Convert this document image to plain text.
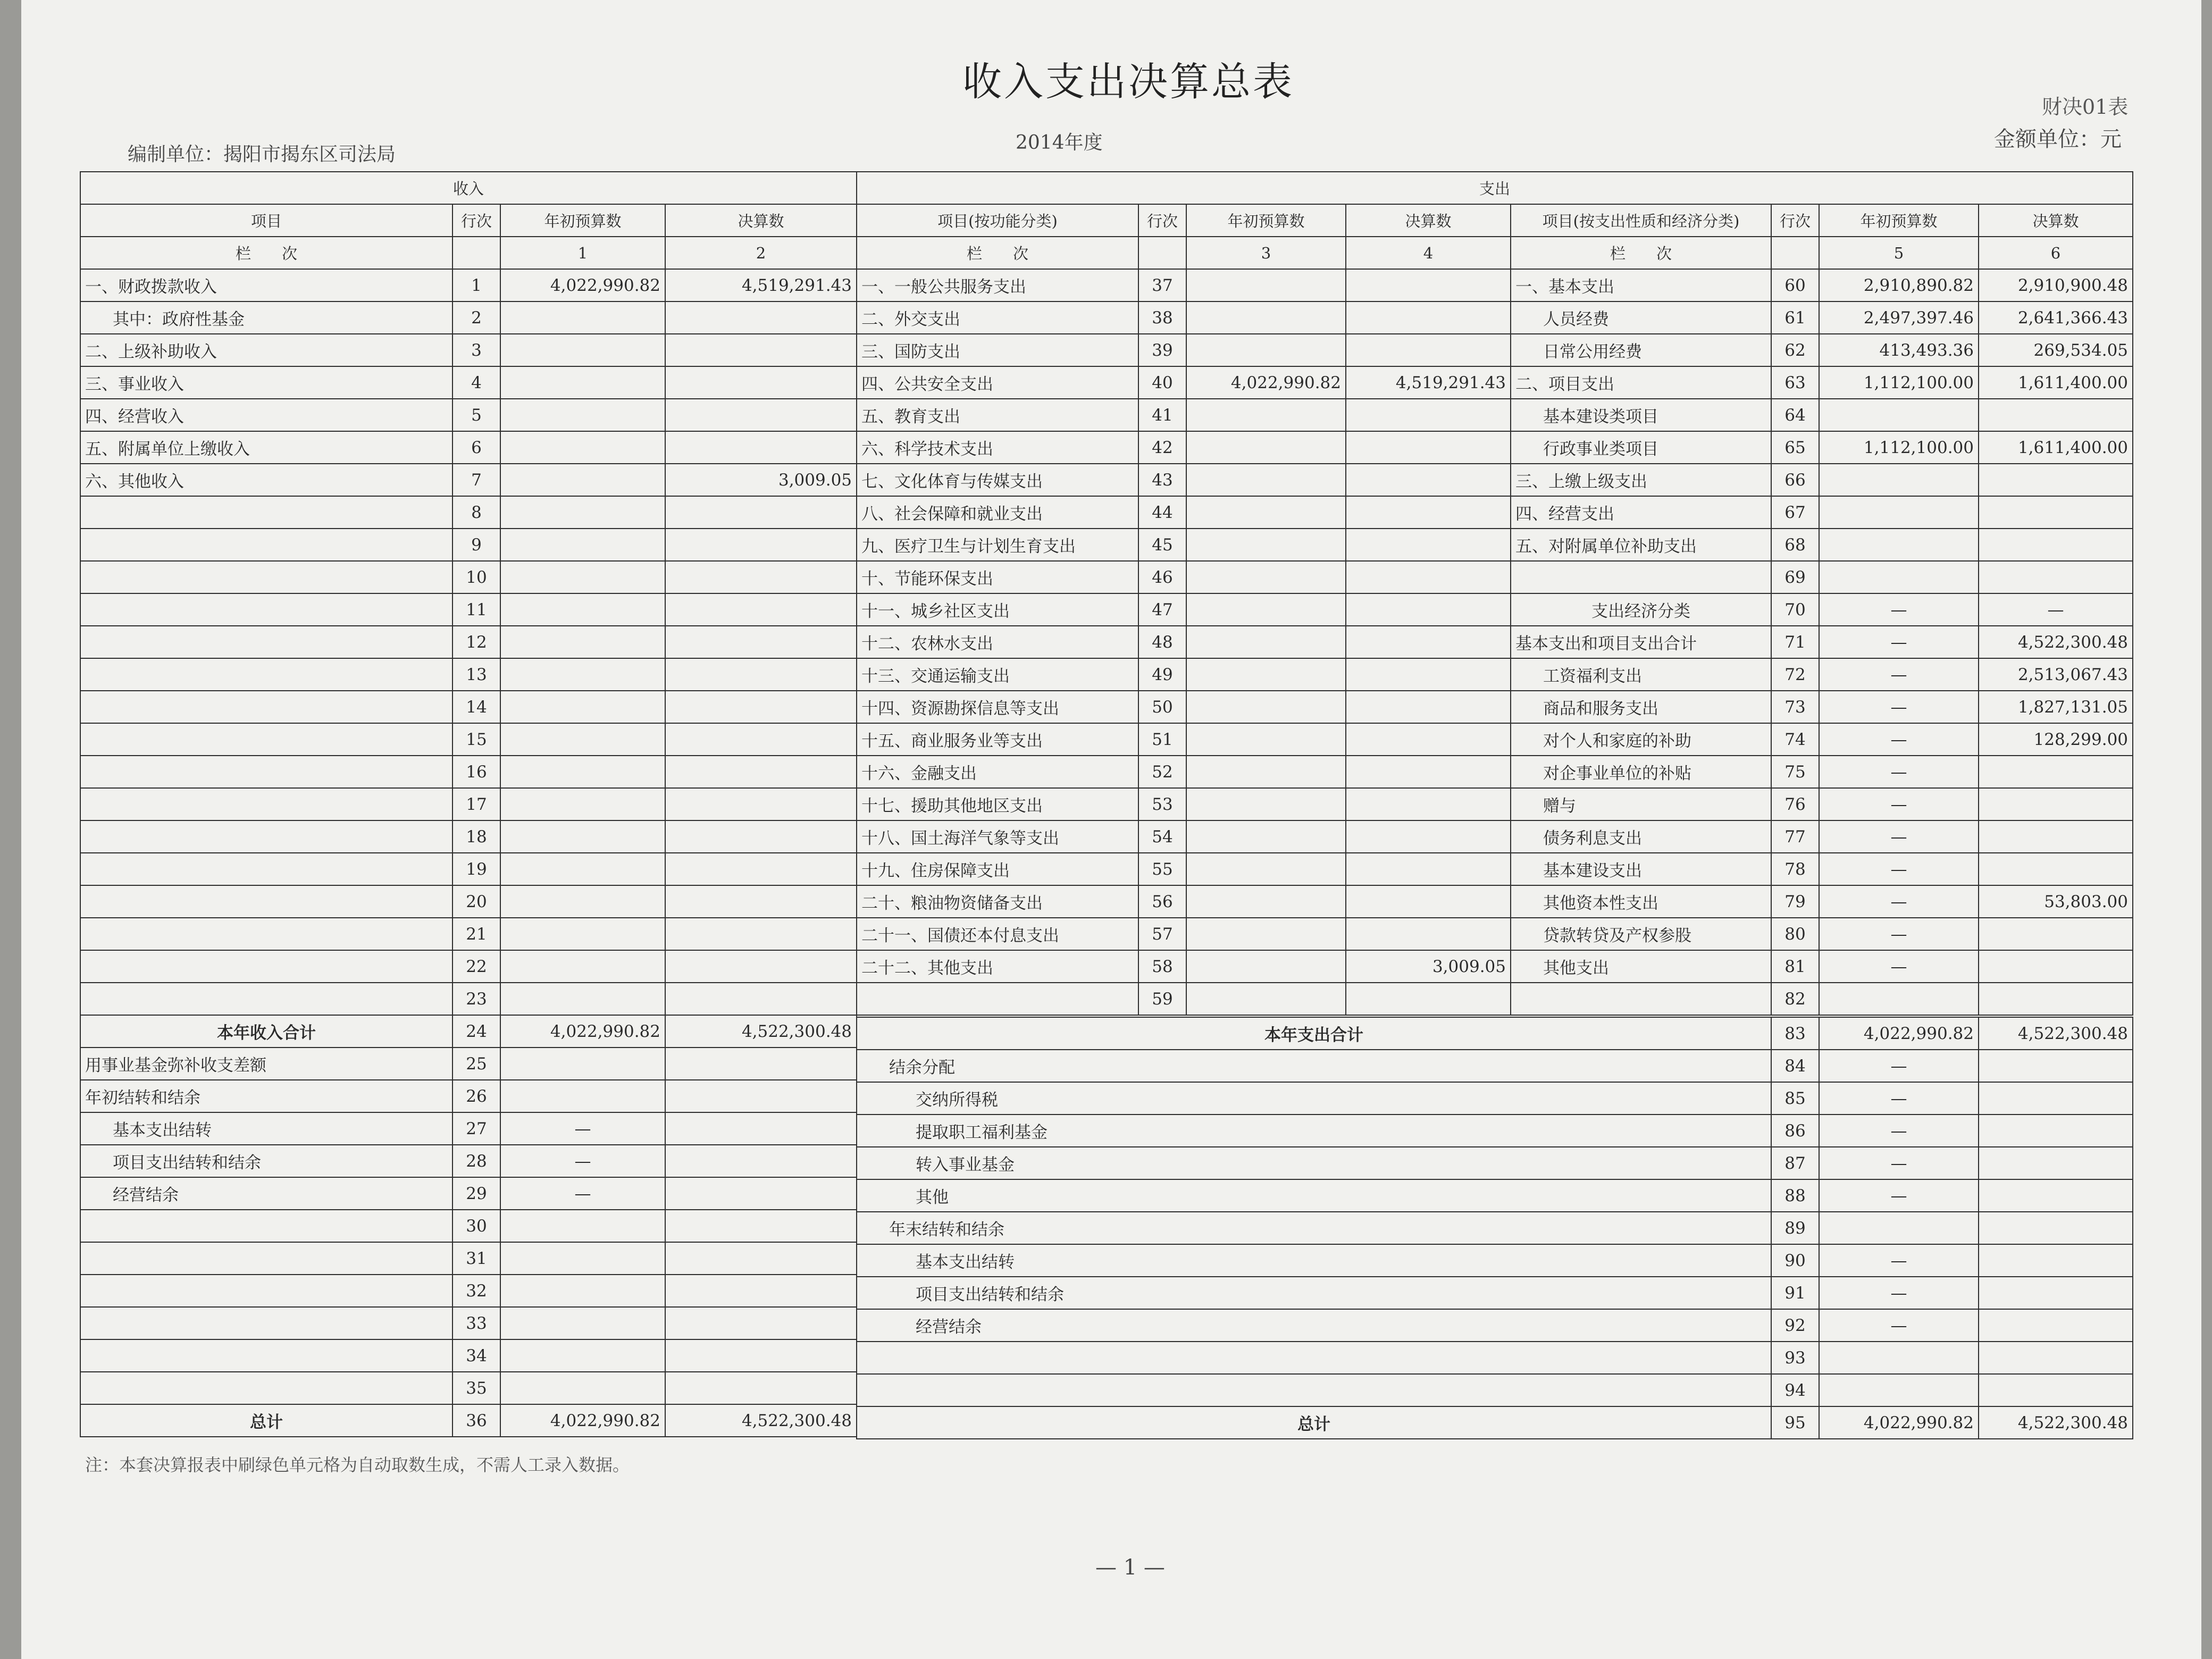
收入支出决算总表
财决01表
金额单位：元
编制单位：揭阳市揭东区司法局
2014年度
收入			
项目	行次	年初预算数	决算数
栏　　次		1	2
一、财政拨款收入	1	4,022,990.82	4,519,291.43
其中：政府性基金	2		
二、上级补助收入	3		
三、事业收入	4		
四、经营收入	5		
五、附属单位上缴收入	6		
六、其他收入	7		3,009.05
	8		
	9		
	10		
	11		
	12		
	13		
	14		
	15		
	16		
	17		
	18		
	19		
	20		
	21		
	22		
	23		
本年收入合计	24	4,022,990.82	4,522,300.48
用事业基金弥补收支差额	25		
年初结转和结余	26		
基本支出结转	27	—	
项目支出结转和结余	28	—	
经营结余	29	—	
	30		
	31		
	32		
	33		
	34		
	35		
总计	36	4,022,990.82	4,522,300.48
支出							
项目(按功能分类)	行次	年初预算数	决算数	项目(按支出性质和经济分类)	行次	年初预算数	决算数
栏　　次		3	4	栏　　次		5	6
一、一般公共服务支出	37			一、基本支出	60	2,910,890.82	2,910,900.48
二、外交支出	38			人员经费	61	2,497,397.46	2,641,366.43
三、国防支出	39			日常公用经费	62	413,493.36	269,534.05
四、公共安全支出	40	4,022,990.82	4,519,291.43	二、项目支出	63	1,112,100.00	1,611,400.00
五、教育支出	41			基本建设类项目	64		
六、科学技术支出	42			行政事业类项目	65	1,112,100.00	1,611,400.00
七、文化体育与传媒支出	43			三、上缴上级支出	66		
八、社会保障和就业支出	44			四、经营支出	67		
九、医疗卫生与计划生育支出	45			五、对附属单位补助支出	68		
十、节能环保支出	46				69		
十一、城乡社区支出	47			支出经济分类	70	—	—
十二、农林水支出	48			基本支出和项目支出合计	71	—	4,522,300.48
十三、交通运输支出	49			工资福利支出	72	—	2,513,067.43
十四、资源勘探信息等支出	50			商品和服务支出	73	—	1,827,131.05
十五、商业服务业等支出	51			对个人和家庭的补助	74	—	128,299.00
十六、金融支出	52			对企事业单位的补贴	75	—	
十七、援助其他地区支出	53			赠与	76	—	
十八、国土海洋气象等支出	54			债务利息支出	77	—	
十九、住房保障支出	55			基本建设支出	78	—	
二十、粮油物资储备支出	56			其他资本性支出	79	—	53,803.00
二十一、国债还本付息支出	57			贷款转贷及产权参股	80	—	
二十二、其他支出	58		3,009.05	其他支出	81	—	
	59				82		
本年支出合计	83	4,022,990.82	4,522,300.48
结余分配	84	—	
交纳所得税	85	—	
提取职工福利基金	86	—	
转入事业基金	87	—	
其他	88	—	
年末结转和结余	89		
基本支出结转	90	—	
项目支出结转和结余	91	—	
经营结余	92	—	
	93		
	94		
总计	95	4,022,990.82	4,522,300.48
注：本套决算报表中刷绿色单元格为自动取数生成，不需人工录入数据。
— 1 —
